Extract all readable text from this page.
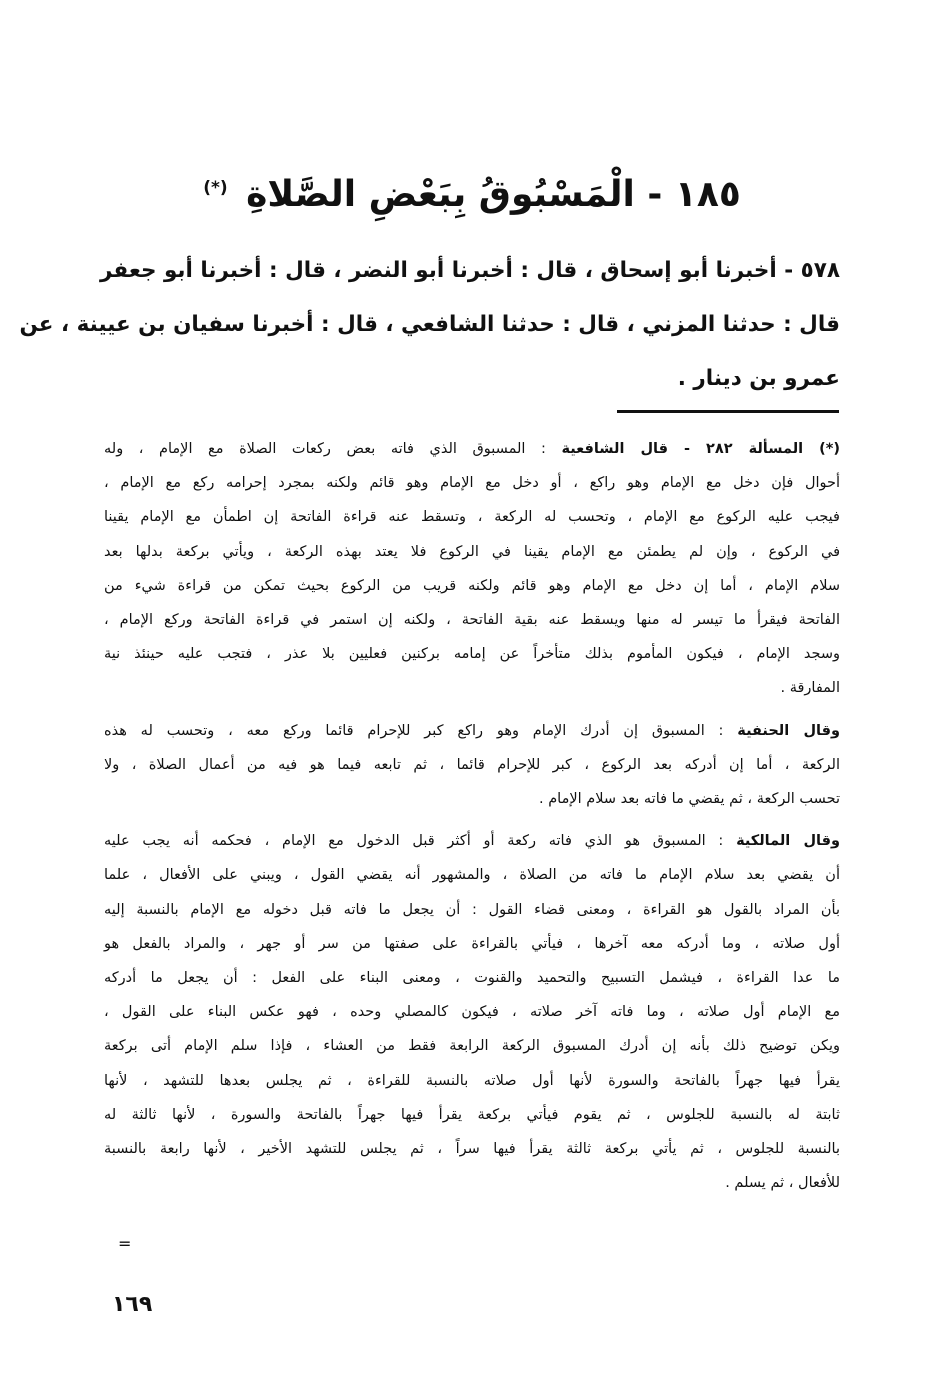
١٨٥ - الْمَسْبُوقُ بِبَعْضِ الصَّلاةِ (*)
٥٧٨ - أخبرنا أبو إسحاق ، قال : أخبرنا أبو النضر ، قال : أخبرنا أبو جعفر
قال : حدثنا المزني ، قال : حدثنا الشافعي ، قال : أخبرنا سفيان بن عيينة ، عن
عمرو بن دينار .
(*) المسألة ٢٨٢ - قال الشافعية : المسبوق الذي فاته بعض ركعات الصلاة مع الإمام ، وله
أحوال فإن دخل مع الإمام وهو راكع ، أو دخل مع الإمام وهو قائم ولكنه بمجرد إحرامه ركع مع الإمام ،
فيجب عليه الركوع مع الإمام ، وتحسب له الركعة ، وتسقط عنه قراءة الفاتحة إن اطمأن مع الإمام يقينا
في الركوع ، وإن لم يطمئن مع الإمام يقينا في الركوع فلا يعتد بهذه الركعة ، ويأتي بركعة بدلها بعد
سلام الإمام ، أما إن دخل مع الإمام وهو قائم ولكنه قريب من الركوع بحيث تمكن من قراءة شيء من
الفاتحة فيقرأ ما تيسر له منها ويسقط عنه بقية الفاتحة ، ولكنه إن استمر في قراءة الفاتحة وركع الإمام ،
وسجد الإمام ، فيكون المأموم بذلك متأخراً عن إمامه بركنين فعليين بلا عذر ، فتجب عليه حينئذ نية
المفارقة .
وقال الحنفية : المسبوق إن أدرك الإمام وهو راكع كبر للإحرام قائما وركع معه ، وتحسب له هذه
الركعة ، أما إن أدركه بعد الركوع ، كبر للإحرام قائما ، ثم تابعه فيما هو فيه من أعمال الصلاة ، ولا
تحسب الركعة ، ثم يقضي ما فاته بعد سلام الإمام .
وقال المالكية : المسبوق هو الذي فاته ركعة أو أكثر قبل الدخول مع الإمام ، فحكمه أنه يجب عليه
أن يقضي بعد سلام الإمام ما فاته من الصلاة ، والمشهور أنه يقضي القول ، ويبني على الأفعال ، علما
بأن المراد بالقول هو القراءة ، ومعنى قضاء القول : أن يجعل ما فاته قبل دخوله مع الإمام بالنسبة إليه
أول صلاته ، وما أدركه معه آخرها ، فيأتي بالقراءة على صفتها من سر أو جهر ، والمراد بالفعل هو
ما عدا القراءة ، فيشمل التسبيح والتحميد والقنوت ، ومعنى البناء على الفعل : أن يجعل ما أدركه
مع الإمام أول صلاته ، وما فاته آخر صلاته ، فيكون كالمصلي وحده ، فهو عكس البناء على القول ،
ويكن توضيح ذلك بأنه إن أدرك المسبوق الركعة الرابعة فقط من العشاء ، فإذا سلم الإمام أتى بركعة
يقرأ فيها جهراً بالفاتحة والسورة لأنها أول صلاته بالنسبة للقراءة ، ثم يجلس بعدها للتشهد ، لأنها
ثابتة له بالنسبة للجلوس ، ثم يقوم فيأتي بركعة يقرأ فيها جهراً بالفاتحة والسورة ، لأنها ثالثة له
بالنسبة للجلوس ، ثم يأتي بركعة ثالثة يقرأ فيها سراً ، ثم يجلس للتشهد الأخير ، لأنها رابعة بالنسبة
للأفعال ، ثم يسلم .
=
١٦٩
